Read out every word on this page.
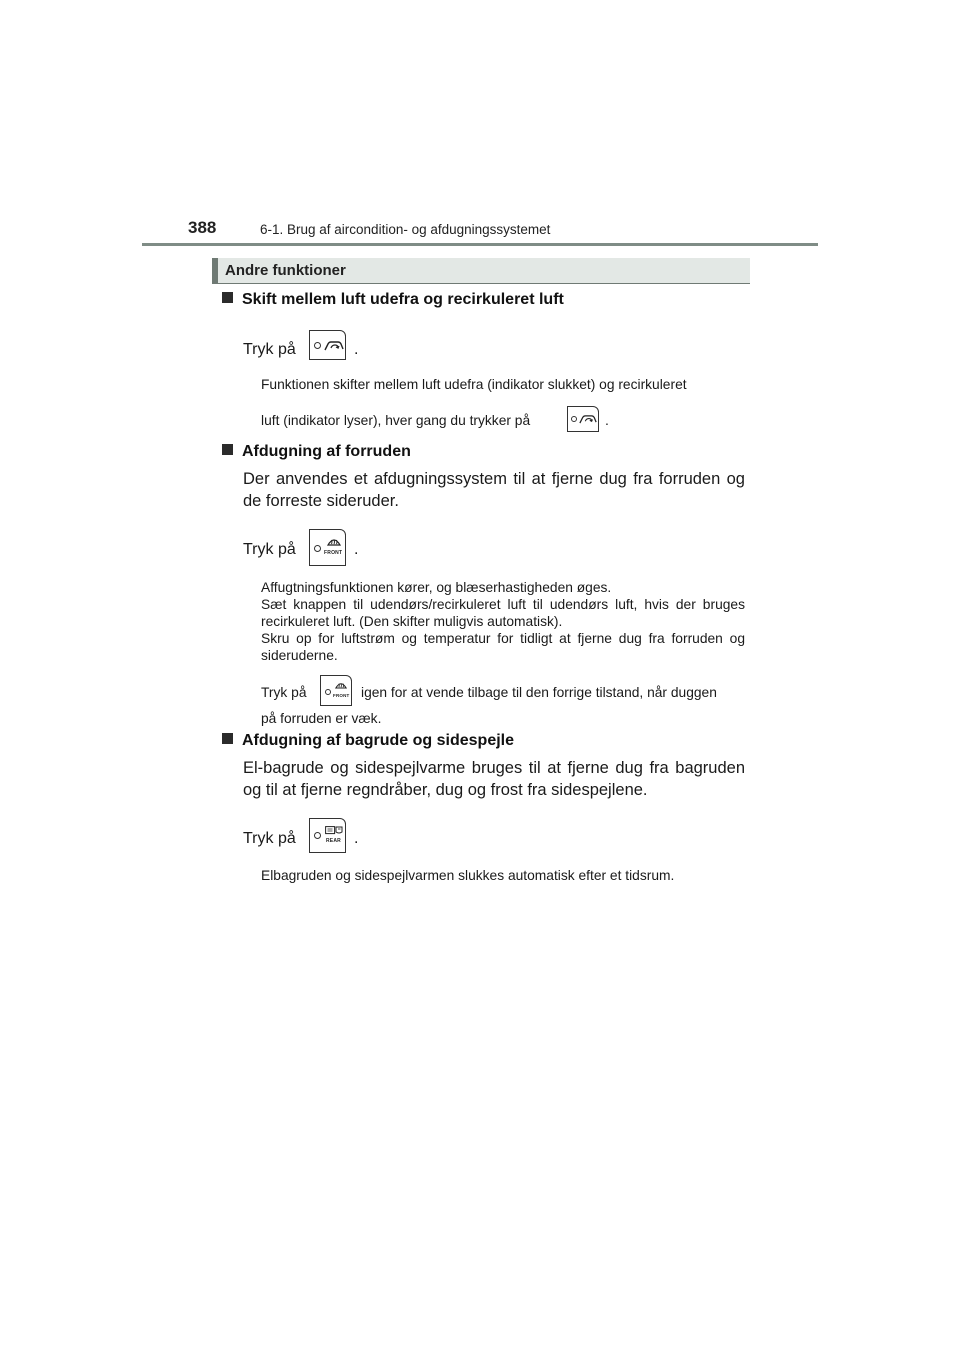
388	6-1. Brug af aircondition- og afdugningssystemet
Andre funktioner
Skift mellem luft udefra og recirkuleret luft
Tryk på	.
Funktionen skifter mellem luft udefra (indikator slukket) og recirkuleret
luft (indikator lyser), hver gang du trykker på	.
Afdugning af forruden
Der anvendes et afdugningssystem til at fjerne dug fra forruden og de forreste sideruder.
Tryk på	FRONT .
Affugtningsfunktionen kører, og blæserhastigheden øges.
Sæt knappen til udendørs/recirkuleret luft til udendørs luft, hvis der bruges recirkuleret luft. (Den skifter muligvis automatisk).
Skru op for luftstrøm og temperatur for tidligt at fjerne dug fra forruden og sideruderne.
Tryk på	FRONT igen for at vende tilbage til den forrige tilstand, når duggen
på forruden er væk.
Afdugning af bagrude og sidespejle
El-bagrude og sidespejlvarme bruges til at fjerne dug fra bagruden og til at fjerne regndråber, dug og frost fra sidespejlene.
Tryk på	REAR .
Elbagruden og sidespejlvarmen slukkes automatisk efter et tidsrum.
